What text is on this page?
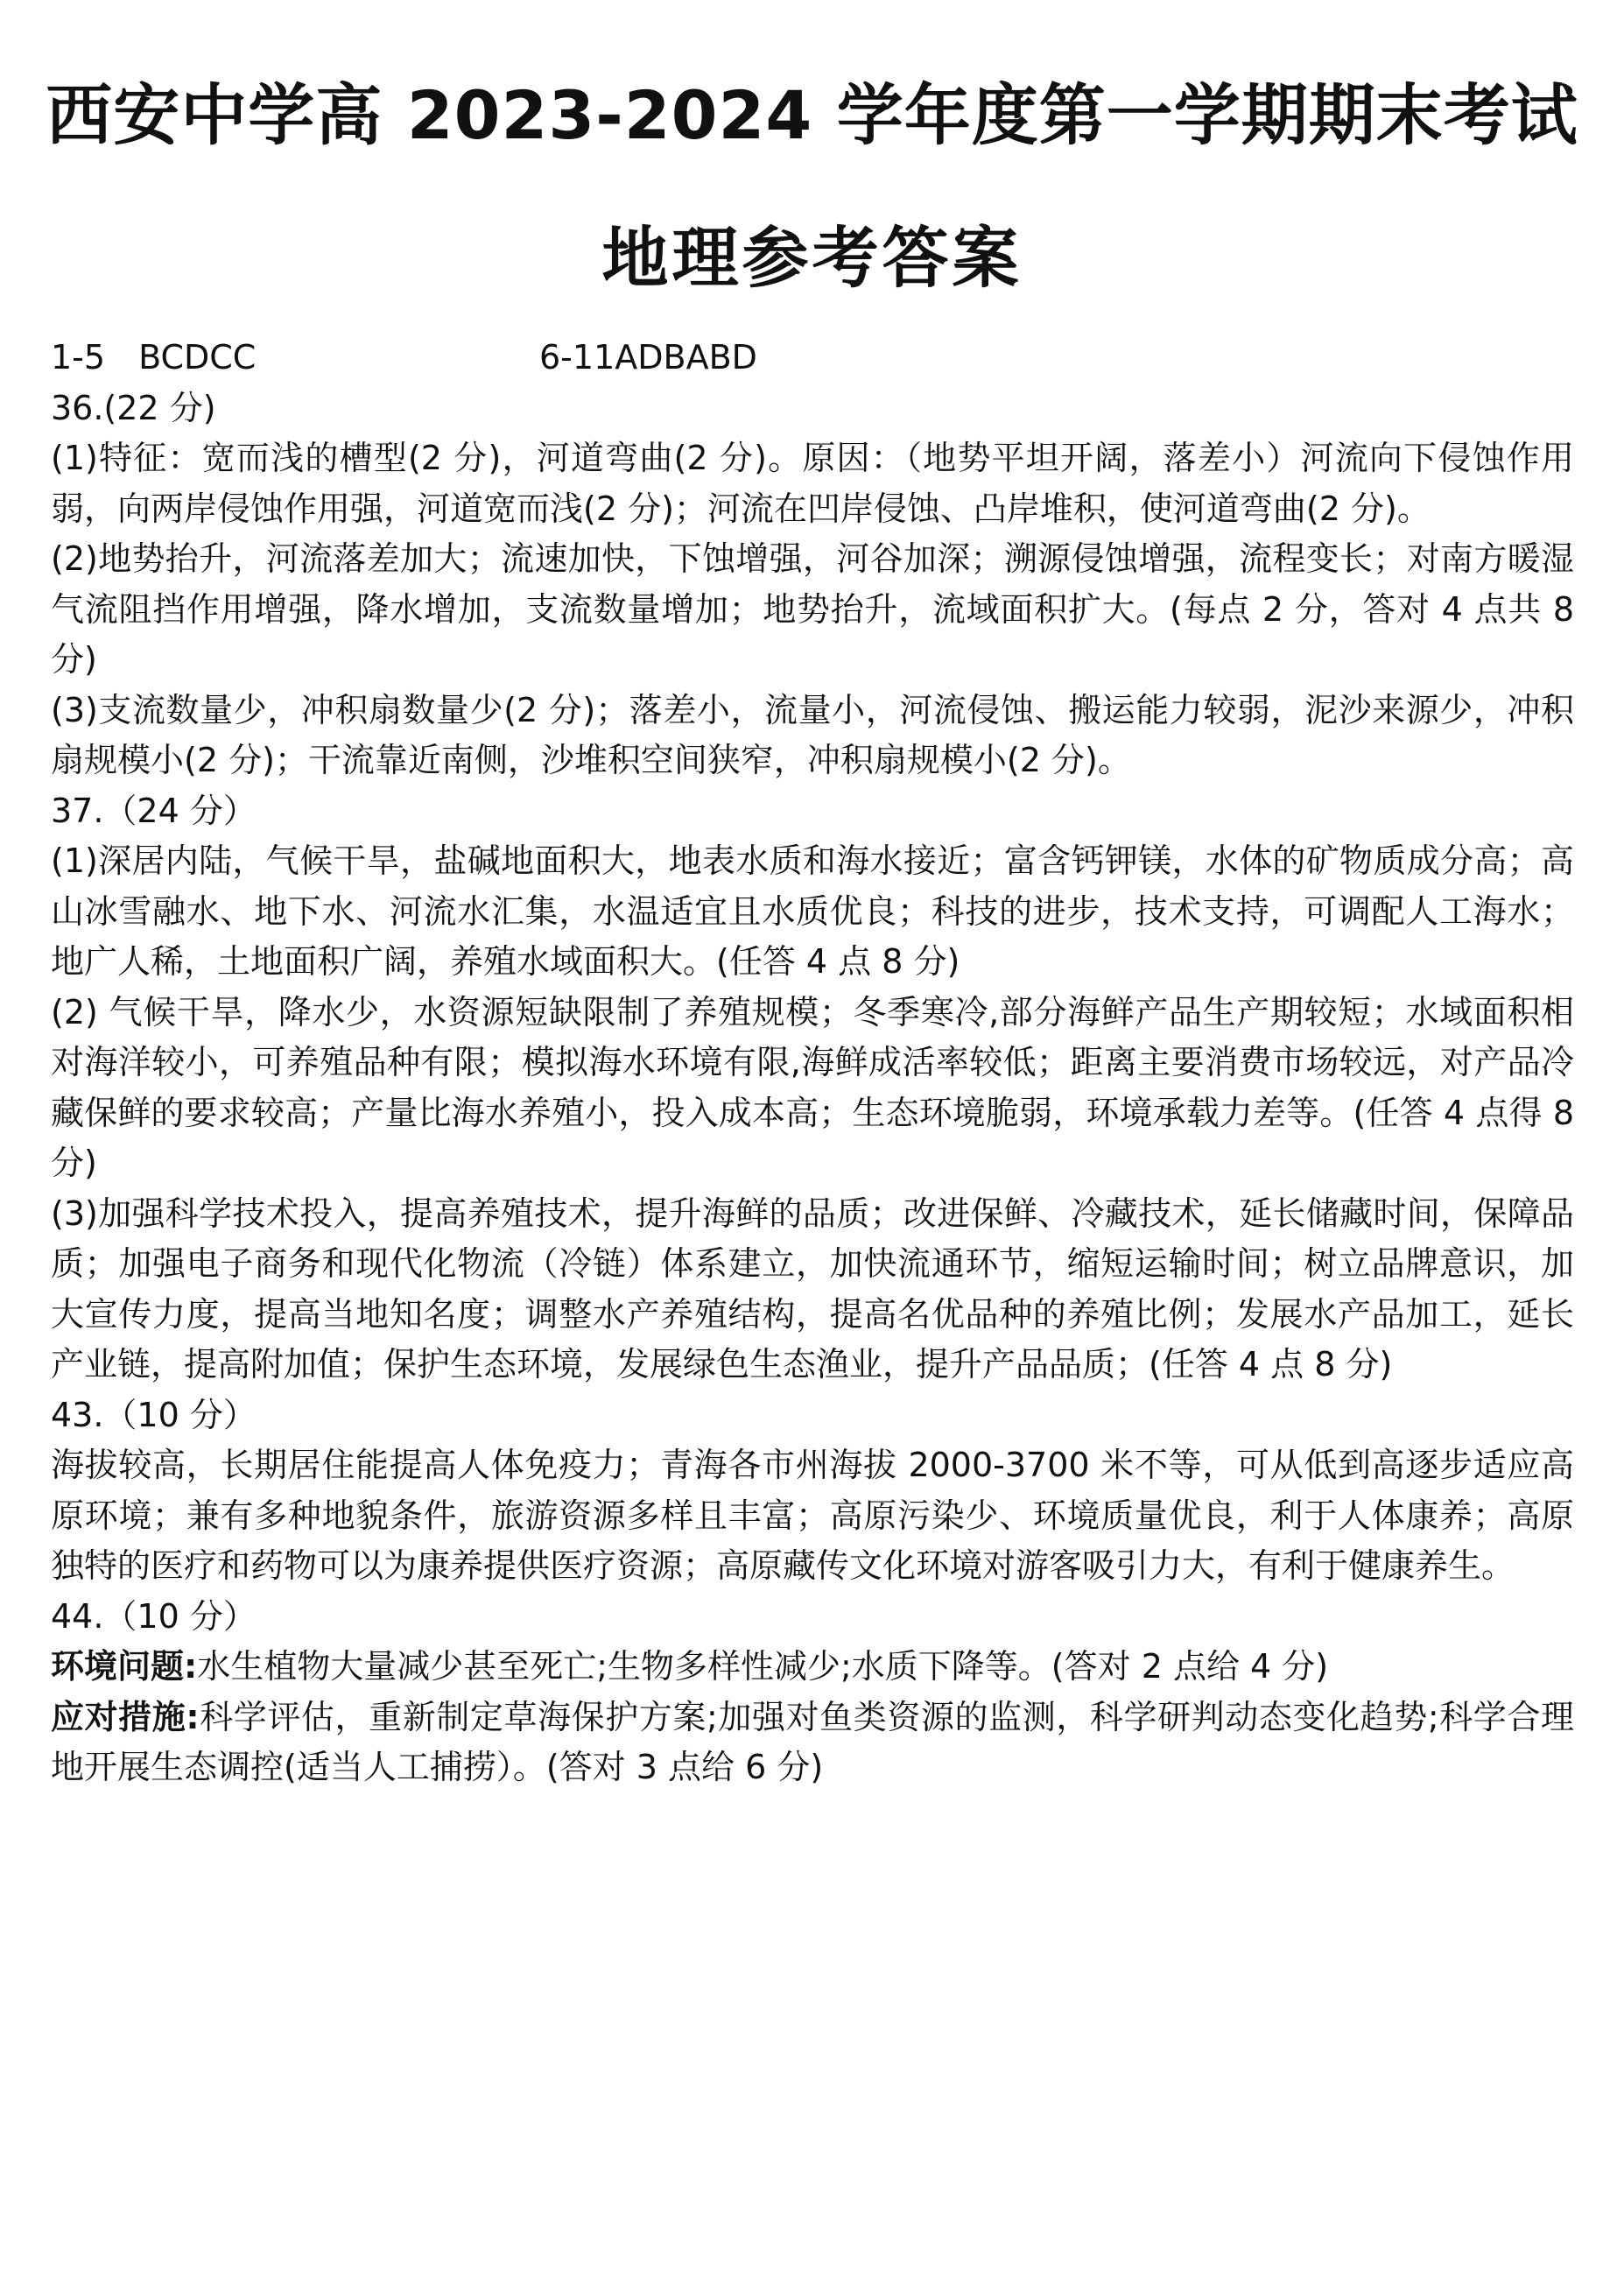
西安中学高 2023-2024 学年度第一学期期末考试
地理参考答案
1-5　BCDCC	6-11ADBABD

36.(22 分)

(1)特征：宽而浅的槽型(2 分)，河道弯曲(2 分)。原因：（地势平坦开阔，落差小）河流向下侵蚀作用弱，向两岸侵蚀作用强，河道宽而浅(2 分)；河流在凹岸侵蚀、凸岸堆积，使河道弯曲(2 分)。

(2)地势抬升，河流落差加大；流速加快，下蚀增强，河谷加深；溯源侵蚀增强，流程变长；对南方暖湿气流阻挡作用增强，降水增加，支流数量增加；地势抬升，流域面积扩大。(每点 2 分，答对 4 点共 8 分)

(3)支流数量少，冲积扇数量少(2 分)；落差小，流量小，河流侵蚀、搬运能力较弱，泥沙来源少，冲积扇规模小(2 分)；干流靠近南侧，沙堆积空间狭窄，冲积扇规模小(2 分)。

37.（24 分）

(1)深居内陆，气候干旱，盐碱地面积大，地表水质和海水接近；富含钙钾镁，水体的矿物质成分高；高山冰雪融水、地下水、河流水汇集，水温适宜且水质优良；科技的进步，技术支持，可调配人工海水；地广人稀，土地面积广阔，养殖水域面积大。(任答 4 点 8 分)

(2) 气候干旱，降水少，水资源短缺限制了养殖规模；冬季寒冷,部分海鲜产品生产期较短；水域面积相对海洋较小，可养殖品种有限；模拟海水环境有限,海鲜成活率较低；距离主要消费市场较远，对产品冷藏保鲜的要求较高；产量比海水养殖小，投入成本高；生态环境脆弱，环境承载力差等。(任答 4 点得 8 分)

(3)加强科学技术投入，提高养殖技术，提升海鲜的品质；改进保鲜、冷藏技术，延长储藏时间，保障品质；加强电子商务和现代化物流（冷链）体系建立，加快流通环节，缩短运输时间；树立品牌意识，加大宣传力度，提高当地知名度；调整水产养殖结构，提高名优品种的养殖比例；发展水产品加工，延长产业链，提高附加值；保护生态环境，发展绿色生态渔业，提升产品品质；(任答 4 点 8 分)

43.（10 分）

海拔较高，长期居住能提高人体免疫力；青海各市州海拔 2000-3700 米不等，可从低到高逐步适应高原环境；兼有多种地貌条件，旅游资源多样且丰富；高原污染少、环境质量优良，利于人体康养；高原独特的医疗和药物可以为康养提供医疗资源；高原藏传文化环境对游客吸引力大，有利于健康养生。

44.（10 分）

环境问题:水生植物大量减少甚至死亡;生物多样性减少;水质下降等。(答对 2 点给 4 分)

应对措施:科学评估，重新制定草海保护方案;加强对鱼类资源的监测，科学研判动态变化趋势;科学合理地开展生态调控(适当人工捕捞）。(答对 3 点给 6 分)
